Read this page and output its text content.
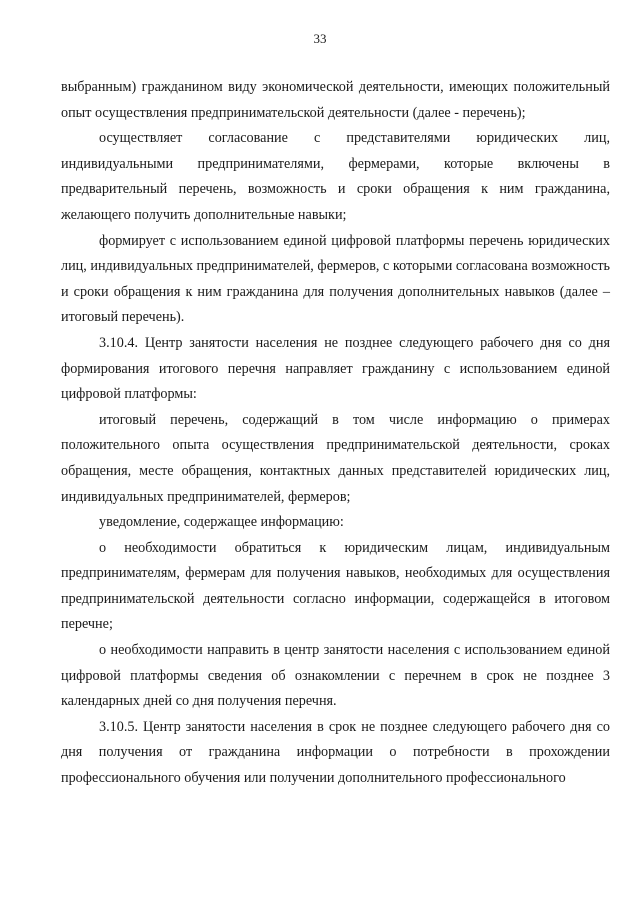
33

выбранным) гражданином виду экономической деятельности, имеющих положительный опыт осуществления предпринимательской деятельности (далее - перечень);

осуществляет согласование с представителями юридических лиц, индивидуальными предпринимателями, фермерами, которые включены в предварительный перечень, возможность и сроки обращения к ним гражданина, желающего получить дополнительные навыки;

формирует с использованием единой цифровой платформы перечень юридических лиц, индивидуальных предпринимателей, фермеров, с которыми согласована возможность и сроки обращения к ним гражданина для получения дополнительных навыков (далее – итоговый перечень).

3.10.4. Центр занятости населения не позднее следующего рабочего дня со дня формирования итогового перечня направляет гражданину с использованием единой цифровой платформы:

итоговый перечень, содержащий в том числе информацию о примерах положительного опыта осуществления предпринимательской деятельности, сроках обращения, месте обращения, контактных данных представителей юридических лиц, индивидуальных предпринимателей, фермеров;

уведомление, содержащее информацию:

о необходимости обратиться к юридическим лицам, индивидуальным предпринимателям, фермерам для получения навыков, необходимых для осуществления предпринимательской деятельности согласно информации, содержащейся в итоговом перечне;

о необходимости направить в центр занятости населения с использованием единой цифровой платформы сведения об ознакомлении с перечнем в срок не позднее 3 календарных дней со дня получения перечня.

3.10.5. Центр занятости населения в срок не позднее следующего рабочего дня со дня получения от гражданина информации о потребности в прохождении профессионального обучения или получении дополнительного профессионального
